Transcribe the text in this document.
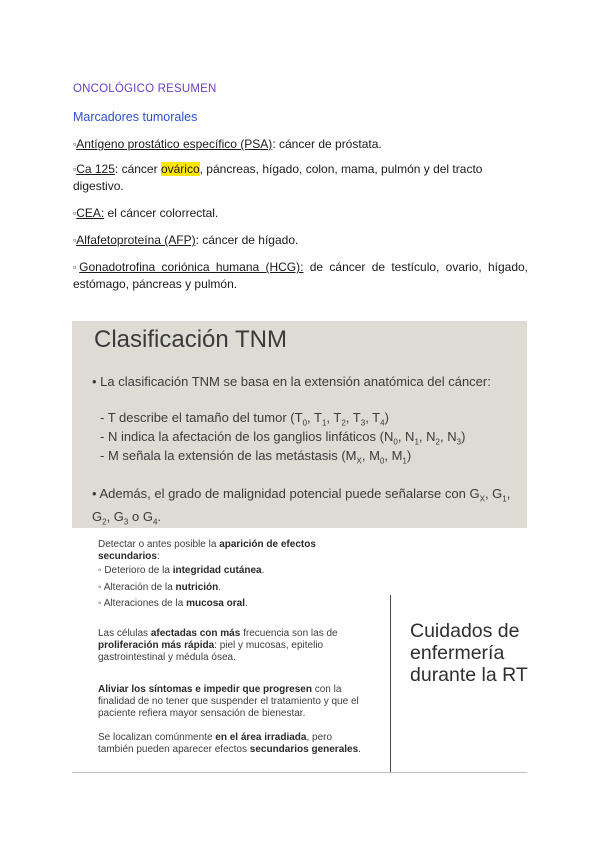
ONCOLÓGICO RESUMEN
Marcadores tumorales
▫Antígeno prostático específico (PSA): cáncer de próstata.
▫Ca 125: cáncer ovárico, páncreas, hígado, colon, mama, pulmón y del tracto digestivo.
▫CEA: el cáncer colorrectal.
▫Alfafetoproteína (AFP): cáncer de hígado.
▫Gonadotrofina coriónica humana (HCG): de cáncer de testículo, ovario, hígado, estómago, páncreas y pulmón.
Clasificación TNM
• La clasificación TNM se basa en la extensión anatómica del cáncer:
- T describe el tamaño del tumor ($T_0$, $T_1$, $T_2$, $T_3$, $T_4$)
- N indica la afectación de los ganglios linfáticos ($N_0$, $N_1$, $N_2$, $N_3$)
- M señala la extensión de las metástasis ($M_X$, $M_0$, $M_1$)
• Además, el grado de malignidad potencial puede señalarse con $G_X$, $G_1$, $G_2$, $G_3$ o $G_4$.
Detectar o antes posible la aparición de efectos secundarios:
◦ Deterioro de la integridad cutánea.
◦ Alteración de la nutrición.
◦ Alteraciones de la mucosa oral.
Las células afectadas con más frecuencia son las de proliferación más rápida: piel y mucosas, epitelio gastrointestinal y médula ósea.
Aliviar los síntomas e impedir que progresen con la finalidad de no tener que suspender el tratamiento y que el paciente refiera mayor sensación de bienestar.
Se localizan comúnmente en el área irradiada, pero también pueden aparecer efectos secundarios generales.
Cuidados de enfermería durante la RT
